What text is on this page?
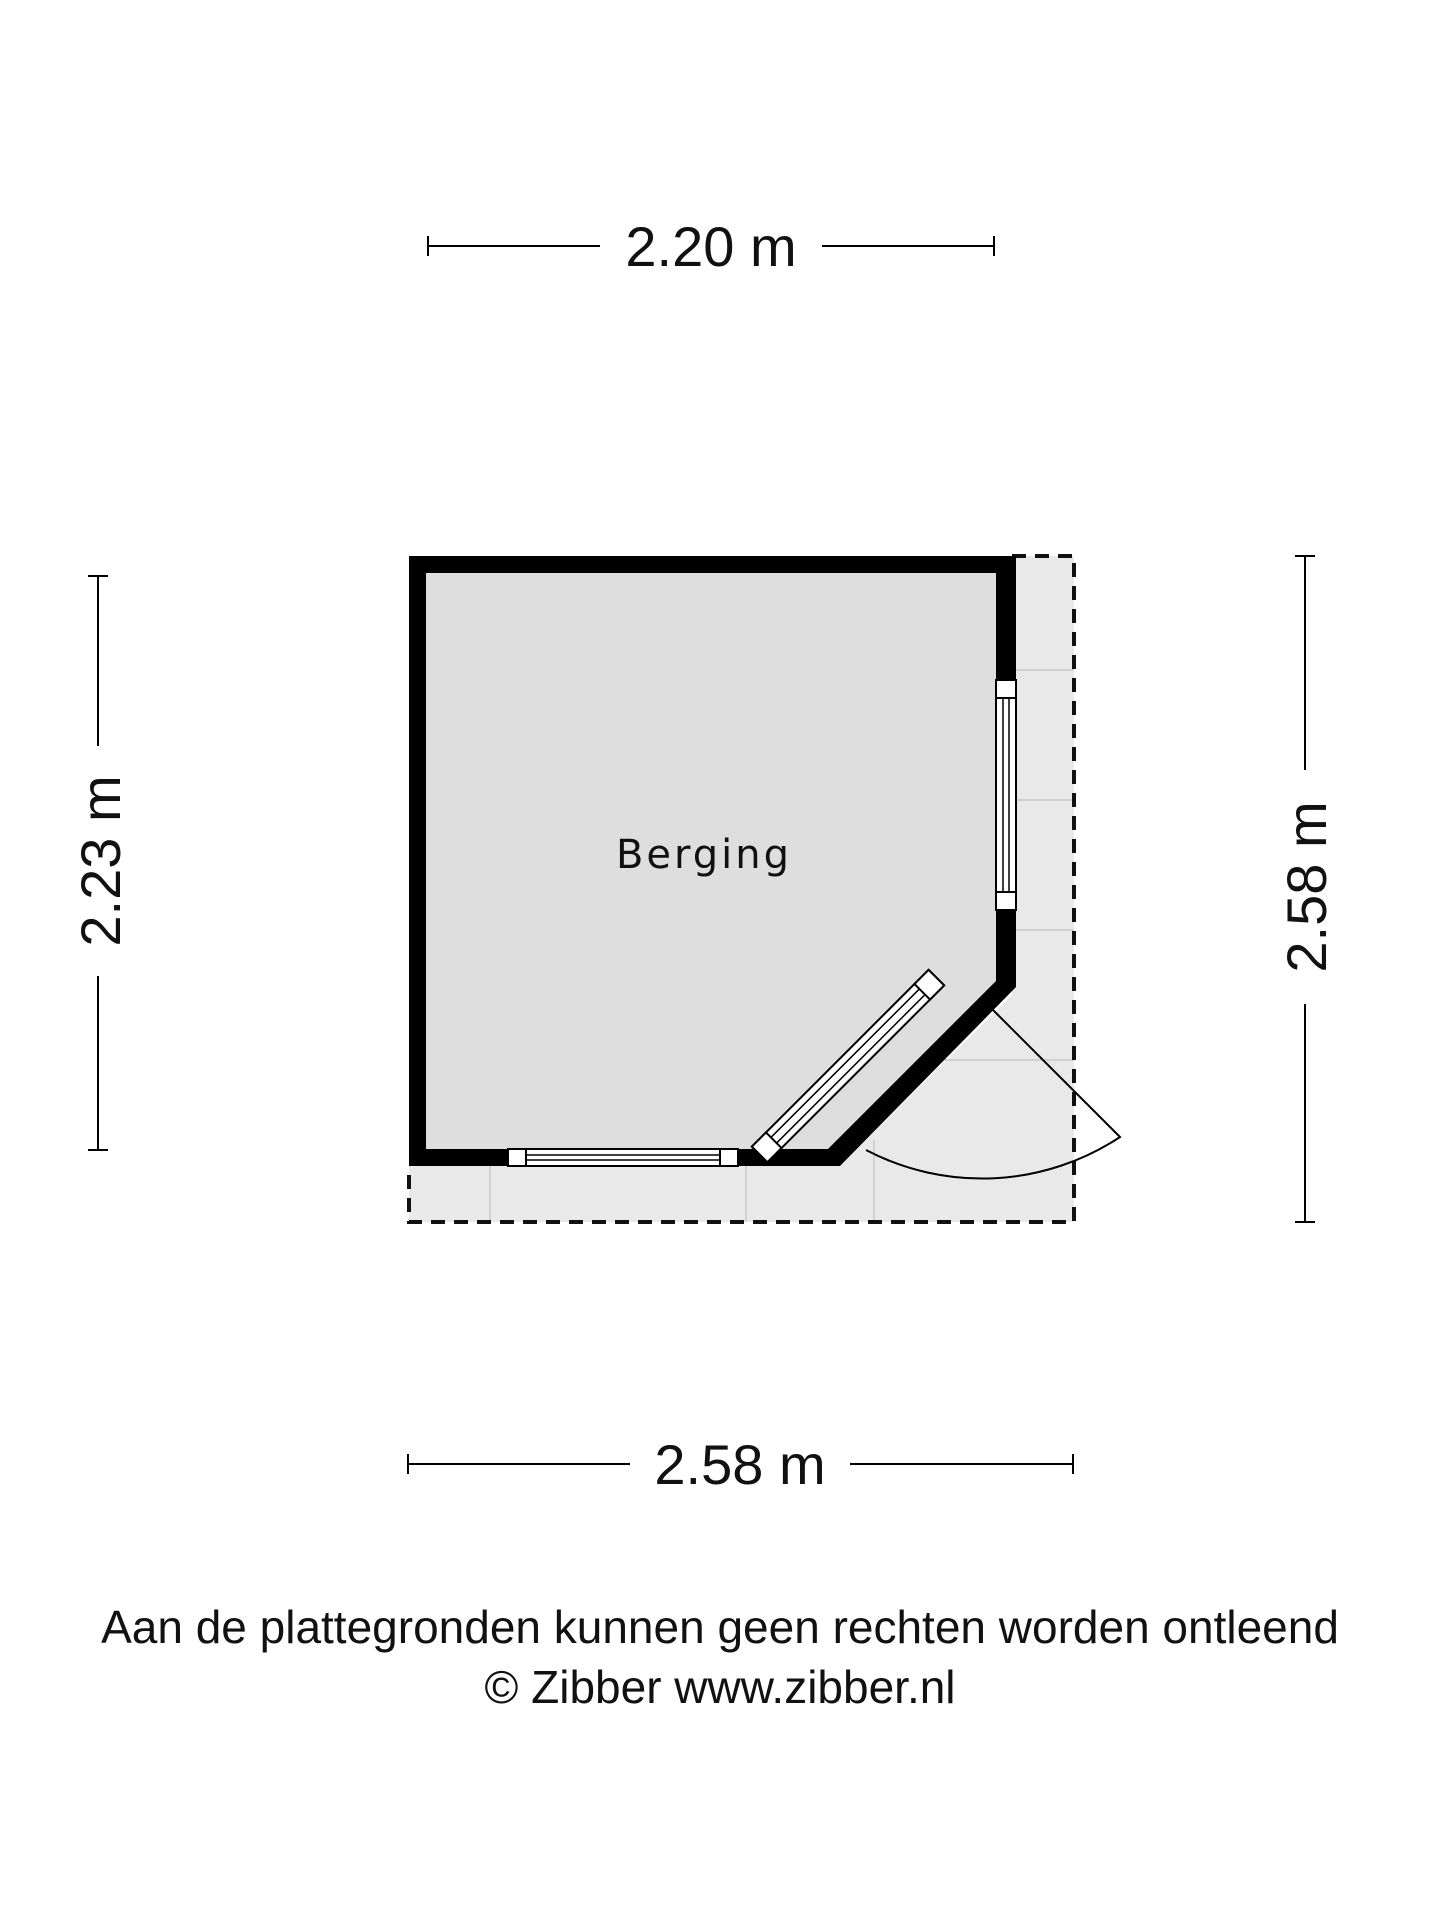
Berging
2.20 m
2.58 m
2.23 m	2.58 m
Aan de plattegronden kunnen geen rechten worden ontleend
© Zibber www.zibber.nl
